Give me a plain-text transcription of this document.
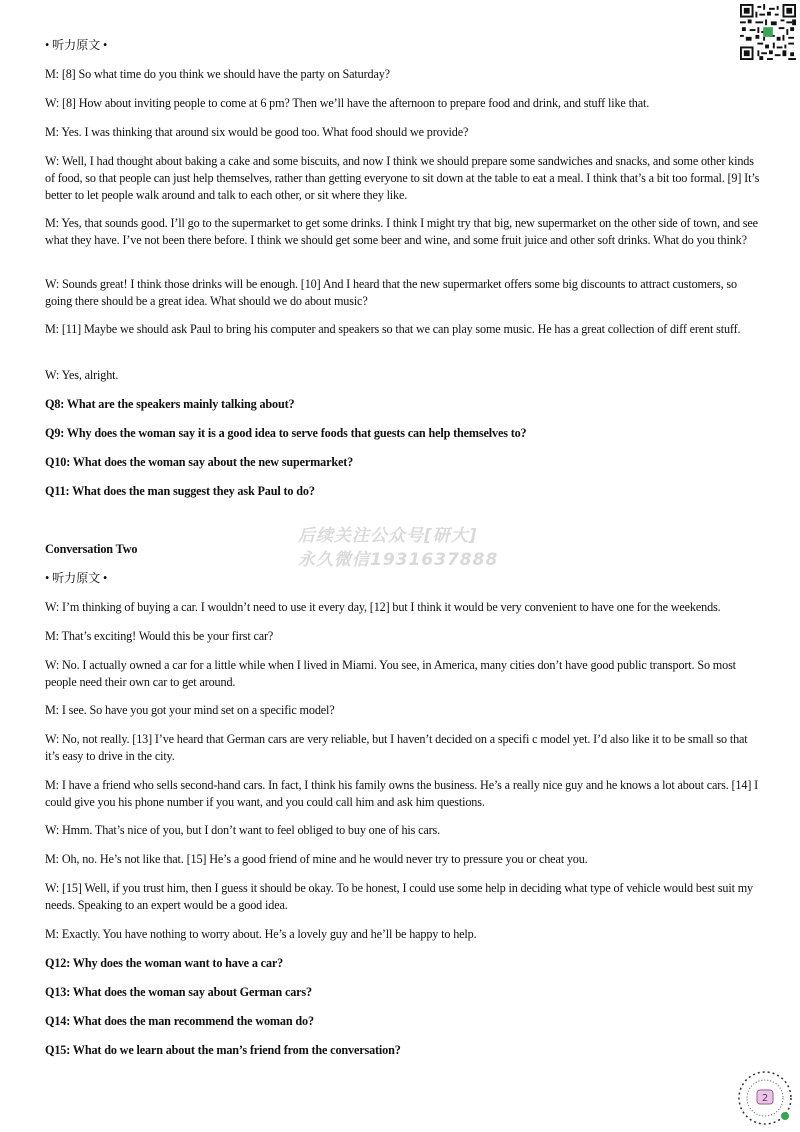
• 听力原文 •
M: [8] So what time do you think we should have the party on Saturday?
W: [8] How about inviting people to come at 6 pm? Then we’ll have the afternoon to prepare food and drink, and stuff like that.
M: Yes. I was thinking that around six would be good too. What food should we provide?
W: Well, I had thought about baking a cake and some biscuits, and now I think we should prepare some sandwiches and snacks, and some other kinds of food, so that people can just help themselves, rather than getting everyone to sit down at the table to eat a meal. I think that’s a bit too formal. [9] It’s better to let people walk around and talk to each other, or sit where they like.
M: Yes, that sounds good. I’ll go to the supermarket to get some drinks. I think I might try that big, new supermarket on the other side of town, and see what they have. I’ve not been there before. I think we should get some beer and wine, and some fruit juice and other soft drinks. What do you think?
W: Sounds great! I think those drinks will be enough. [10] And I heard that the new supermarket offers some big discounts to attract customers, so going there should be a great idea. What should we do about music?
M: [11] Maybe we should ask Paul to bring his computer and speakers so that we can play some music. He has a great collection of diff erent stuff.
W: Yes, alright.
Q8: What are the speakers mainly talking about?
Q9: Why does the woman say it is a good idea to serve foods that guests can help themselves to?
Q10: What does the woman say about the new supermarket?
Q11: What does the man suggest they ask Paul to do?
Conversation Two
• 听力原文 •
W: I’m thinking of buying a car. I wouldn’t need to use it every day, [12] but I think it would be very convenient to have one for the weekends.
M: That’s exciting! Would this be your first car?
W: No. I actually owned a car for a little while when I lived in Miami. You see, in America, many cities don’t have good public transport. So most people need their own car to get around.
M: I see. So have you got your mind set on a specific model?
W: No, not really. [13] I’ve heard that German cars are very reliable, but I haven’t decided on a specifi c model yet. I’d also like it to be small so that it’s easy to drive in the city.
M: I have a friend who sells second-hand cars. In fact, I think his family owns the business. He’s a really nice guy and he knows a lot about cars. [14] I could give you his phone number if you want, and you could call him and ask him questions.
W: Hmm. That’s nice of you, but I don’t want to feel obliged to buy one of his cars.
M: Oh, no. He’s not like that. [15] He’s a good friend of mine and he would never try to pressure you or cheat you.
W: [15] Well, if you trust him, then I guess it should be okay. To be honest, I could use some help in deciding what type of vehicle would best suit my needs. Speaking to an expert would be a good idea.
M: Exactly. You have nothing to worry about. He’s a lovely guy and he’ll be happy to help.
Q12: Why does the woman want to have a car?
Q13: What does the woman say about German cars?
Q14: What does the man recommend the woman do?
Q15: What do we learn about the man’s friend from the conversation?
后续关注公众号[研大]
永久微信1931637888
2
